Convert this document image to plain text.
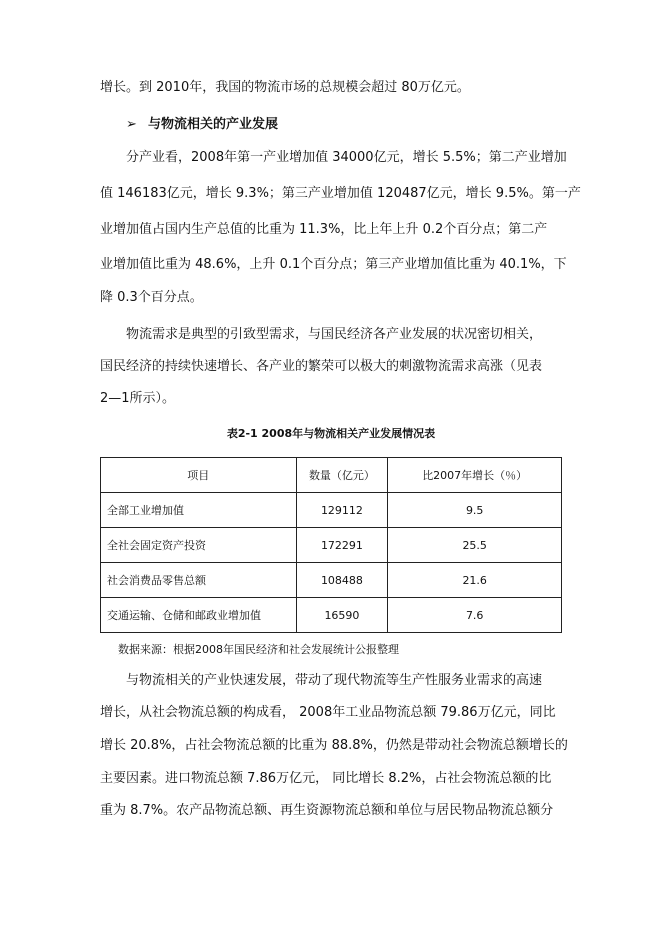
增长。到 2010年，我国的物流市场的总规模会超过 80万亿元。
➢ 与物流相关的产业发展
分产业看，2008年第一产业增加值 34000亿元，增长 5.5%；第二产业增加
值 146183亿元，增长 9.3%；第三产业增加值 120487亿元，增长 9.5%。第一产
业增加值占国内生产总值的比重为 11.3%，比上年上升 0.2个百分点；第二产
业增加值比重为 48.6%，上升 0.1个百分点；第三产业增加值比重为 40.1%，下
降 0.3个百分点。
物流需求是典型的引致型需求，与国民经济各产业发展的状况密切相关，
国民经济的持续快速增长、各产业的繁荣可以极大的刺激物流需求高涨（见表
2—1所示）。
表2-1 2008年与物流相关产业发展情况表
项目	数量（亿元）	比2007年增长（％）
全部工业增加值	129112	9.5
全社会固定资产投资	172291	25.5
社会消费品零售总额	108488	21.6
交通运输、仓储和邮政业增加值	16590	7.6
数据来源：根据2008年国民经济和社会发展统计公报整理
与物流相关的产业快速发展，带动了现代物流等生产性服务业需求的高速
增长，从社会物流总额的构成看， 2008年工业品物流总额 79.86万亿元，同比
增长 20.8%，占社会物流总额的比重为 88.8%，仍然是带动社会物流总额增长的
主要因素。进口物流总额 7.86万亿元， 同比增长 8.2%，占社会物流总额的比
重为 8.7%。农产品物流总额、再生资源物流总额和单位与居民物品物流总额分
